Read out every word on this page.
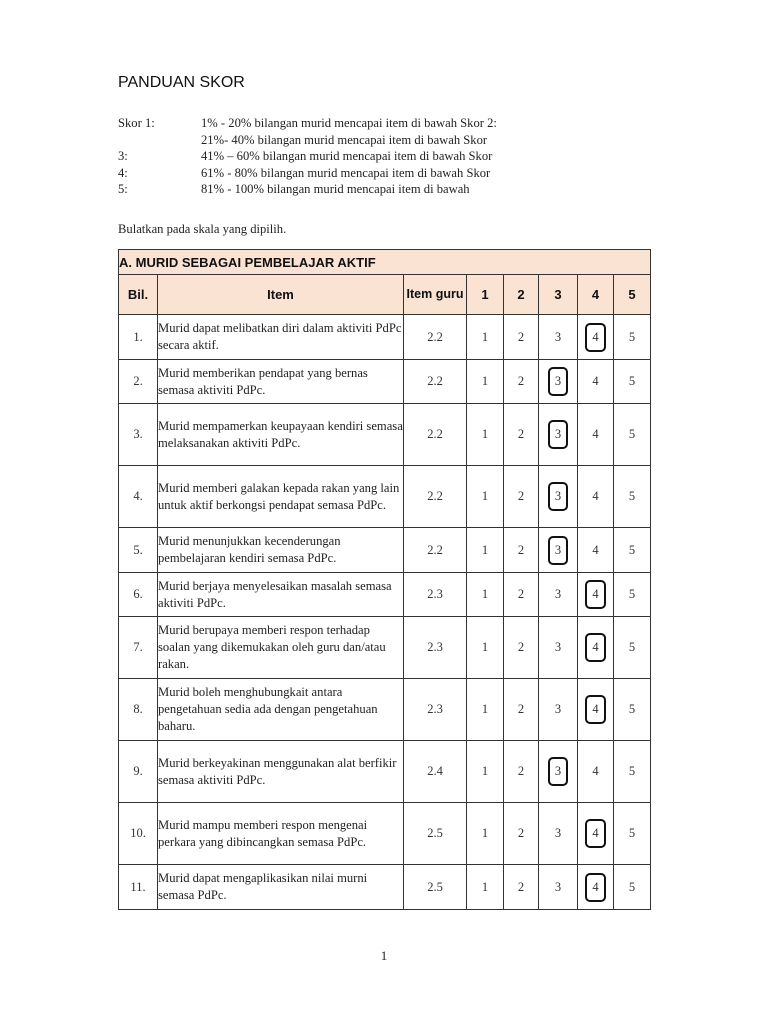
PANDUAN SKOR
Skor 1:	1% - 20% bilangan murid mencapai item di bawah Skor 2:
21%- 40% bilangan murid mencapai item di bawah Skor
3:	41% – 60% bilangan murid mencapai item di bawah Skor
4:	61% - 80% bilangan murid mencapai item di bawah Skor
5:	81% - 100% bilangan murid mencapai item di bawah
Bulatkan pada skala yang dipilih.
A. MURID SEBAGAI PEMBELAJAR AKTIF							
Bil.	Item	Item guru	1	2	3	4	5
1.	Murid dapat melibatkan diri dalam aktiviti PdPc secara aktif.	2.2	1	2	3	4	5
2.	Murid memberikan pendapat yang bernas semasa aktiviti PdPc.	2.2	1	2	3	4	5
3.	Murid mempamerkan keupayaan kendiri semasa melaksanakan aktiviti PdPc.	2.2	1	2	3	4	5
4.	Murid memberi galakan kepada rakan yang lain untuk aktif berkongsi pendapat semasa PdPc.	2.2	1	2	3	4	5
5.	Murid menunjukkan kecenderungan pembelajaran kendiri semasa PdPc.	2.2	1	2	3	4	5
6.	Murid berjaya menyelesaikan masalah semasa aktiviti PdPc.	2.3	1	2	3	4	5
7.	Murid berupaya memberi respon terhadap soalan yang dikemukakan oleh guru dan/atau rakan.	2.3	1	2	3	4	5
8.	Murid boleh menghubungkait antara pengetahuan sedia ada dengan pengetahuan baharu.	2.3	1	2	3	4	5
9.	Murid berkeyakinan menggunakan alat berfikir semasa aktiviti PdPc.	2.4	1	2	3	4	5
10.	Murid mampu memberi respon mengenai perkara yang dibincangkan semasa PdPc.	2.5	1	2	3	4	5
11.	Murid dapat mengaplikasikan nilai murni semasa PdPc.	2.5	1	2	3	4	5
1
